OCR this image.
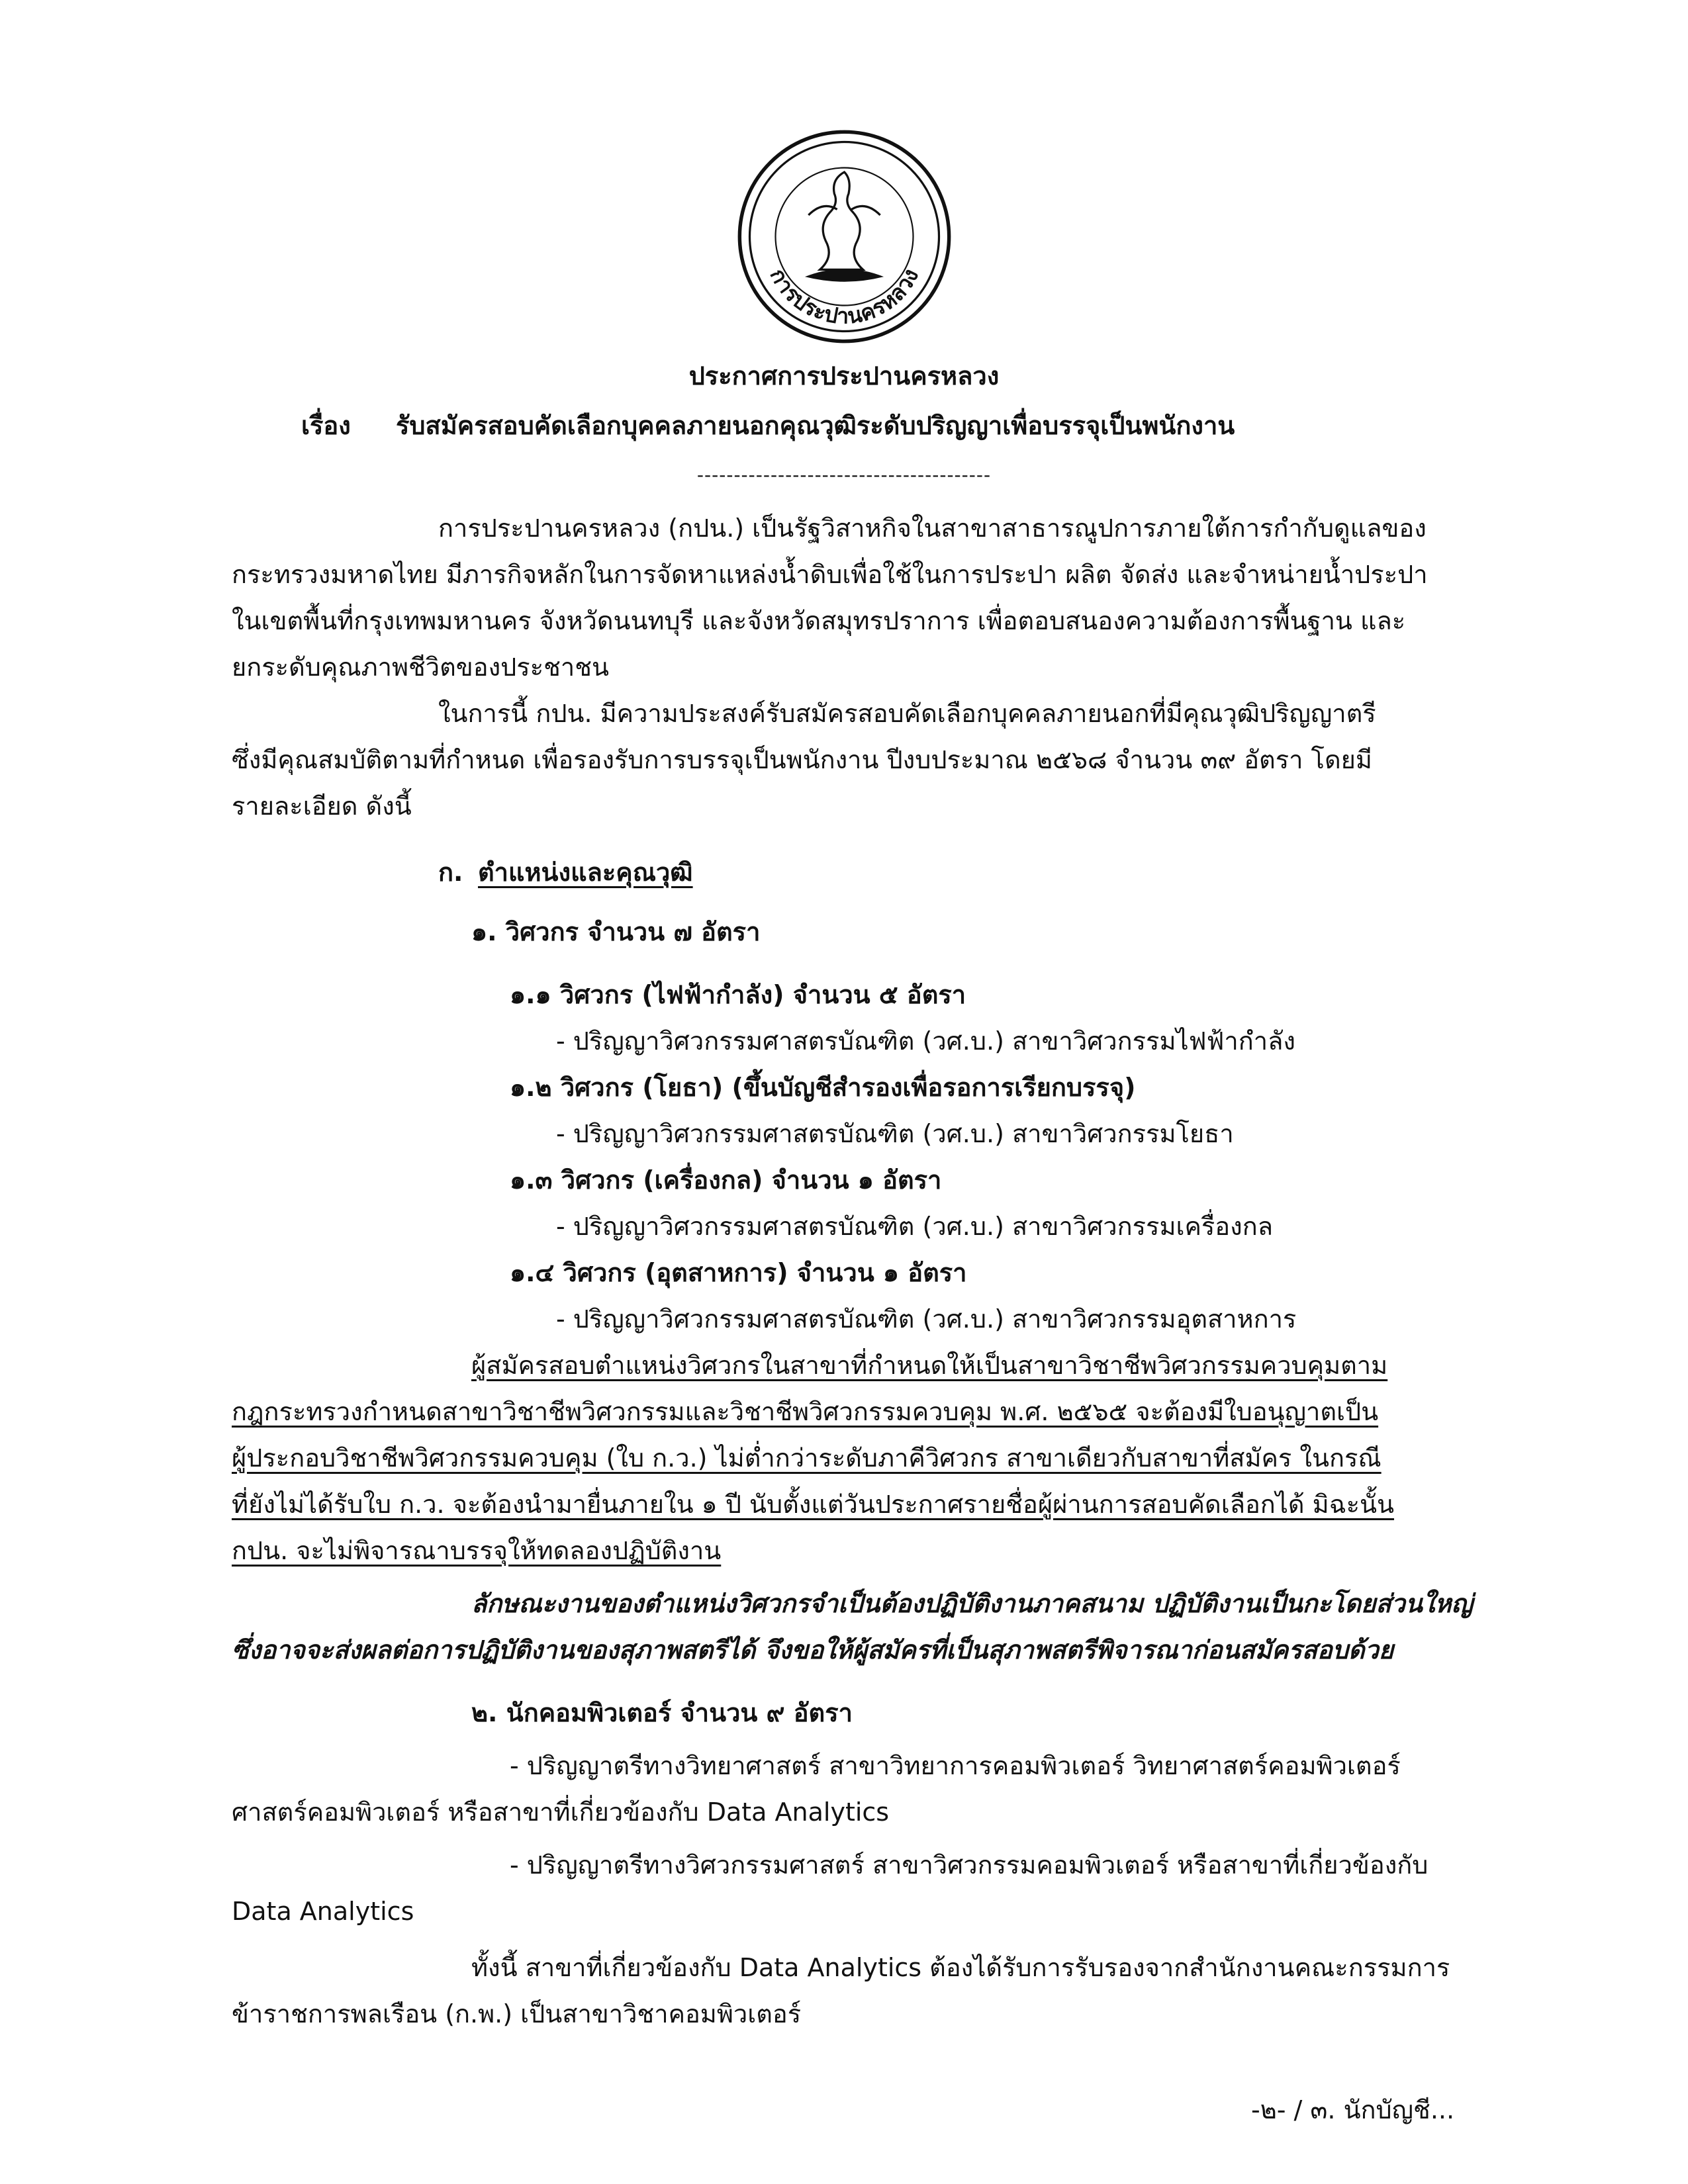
การประปานครหลวง
ประกาศการประปานครหลวง
เรื่อง รับสมัครสอบคัดเลือกบุคคลภายนอกคุณวุฒิระดับปริญญาเพื่อบรรจุเป็นพนักงาน
----------------------------------------
การประปานครหลวง (กปน.) เป็นรัฐวิสาหกิจในสาขาสาธารณูปการภายใต้การกำกับดูแลของ
กระทรวงมหาดไทย มีภารกิจหลักในการจัดหาแหล่งน้ำดิบเพื่อใช้ในการประปา ผลิต จัดส่ง และจำหน่ายน้ำประปา
ในเขตพื้นที่กรุงเทพมหานคร จังหวัดนนทบุรี และจังหวัดสมุทรปราการ เพื่อตอบสนองความต้องการพื้นฐาน และ
ยกระดับคุณภาพชีวิตของประชาชน
ในการนี้ กปน. มีความประสงค์รับสมัครสอบคัดเลือกบุคคลภายนอกที่มีคุณวุฒิปริญญาตรี
ซึ่งมีคุณสมบัติตามที่กำหนด เพื่อรองรับการบรรจุเป็นพนักงาน ปีงบประมาณ ๒๕๖๘ จำนวน ๓๙ อัตรา โดยมี
รายละเอียด ดังนี้
ก. ตำแหน่งและคุณวุฒิ
๑. วิศวกร จำนวน ๗ อัตรา
๑.๑ วิศวกร (ไฟฟ้ากำลัง) จำนวน ๕ อัตรา
- ปริญญาวิศวกรรมศาสตรบัณฑิต (วศ.บ.) สาขาวิศวกรรมไฟฟ้ากำลัง
๑.๒ วิศวกร (โยธา) (ขึ้นบัญชีสำรองเพื่อรอการเรียกบรรจุ)
- ปริญญาวิศวกรรมศาสตรบัณฑิต (วศ.บ.) สาขาวิศวกรรมโยธา
๑.๓ วิศวกร (เครื่องกล) จำนวน ๑ อัตรา
- ปริญญาวิศวกรรมศาสตรบัณฑิต (วศ.บ.) สาขาวิศวกรรมเครื่องกล
๑.๔ วิศวกร (อุตสาหการ) จำนวน ๑ อัตรา
- ปริญญาวิศวกรรมศาสตรบัณฑิต (วศ.บ.) สาขาวิศวกรรมอุตสาหการ
ผู้สมัครสอบตำแหน่งวิศวกรในสาขาที่กำหนดให้เป็นสาขาวิชาชีพวิศวกรรมควบคุมตาม
กฎกระทรวงกำหนดสาขาวิชาชีพวิศวกรรมและวิชาชีพวิศวกรรมควบคุม พ.ศ. ๒๕๖๕ จะต้องมีใบอนุญาตเป็น
ผู้ประกอบวิชาชีพวิศวกรรมควบคุม (ใบ ก.ว.) ไม่ต่ำกว่าระดับภาคีวิศวกร สาขาเดียวกับสาขาที่สมัคร ในกรณี
ที่ยังไม่ได้รับใบ ก.ว. จะต้องนำมายื่นภายใน ๑ ปี นับตั้งแต่วันประกาศรายชื่อผู้ผ่านการสอบคัดเลือกได้ มิฉะนั้น
กปน. จะไม่พิจารณาบรรจุให้ทดลองปฏิบัติงาน
ลักษณะงานของตำแหน่งวิศวกรจำเป็นต้องปฏิบัติงานภาคสนาม ปฏิบัติงานเป็นกะโดยส่วนใหญ่
ซึ่งอาจจะส่งผลต่อการปฏิบัติงานของสุภาพสตรีได้ จึงขอให้ผู้สมัครที่เป็นสุภาพสตรีพิจารณาก่อนสมัครสอบด้วย
๒. นักคอมพิวเตอร์ จำนวน ๙ อัตรา
- ปริญญาตรีทางวิทยาศาสตร์ สาขาวิทยาการคอมพิวเตอร์ วิทยาศาสตร์คอมพิวเตอร์
ศาสตร์คอมพิวเตอร์ หรือสาขาที่เกี่ยวข้องกับ Data Analytics
- ปริญญาตรีทางวิศวกรรมศาสตร์ สาขาวิศวกรรมคอมพิวเตอร์ หรือสาขาที่เกี่ยวข้องกับ
Data Analytics
ทั้งนี้ สาขาที่เกี่ยวข้องกับ Data Analytics ต้องได้รับการรับรองจากสำนักงานคณะกรรมการ
ข้าราชการพลเรือน (ก.พ.) เป็นสาขาวิชาคอมพิวเตอร์
-๒- / ๓. นักบัญชี...
